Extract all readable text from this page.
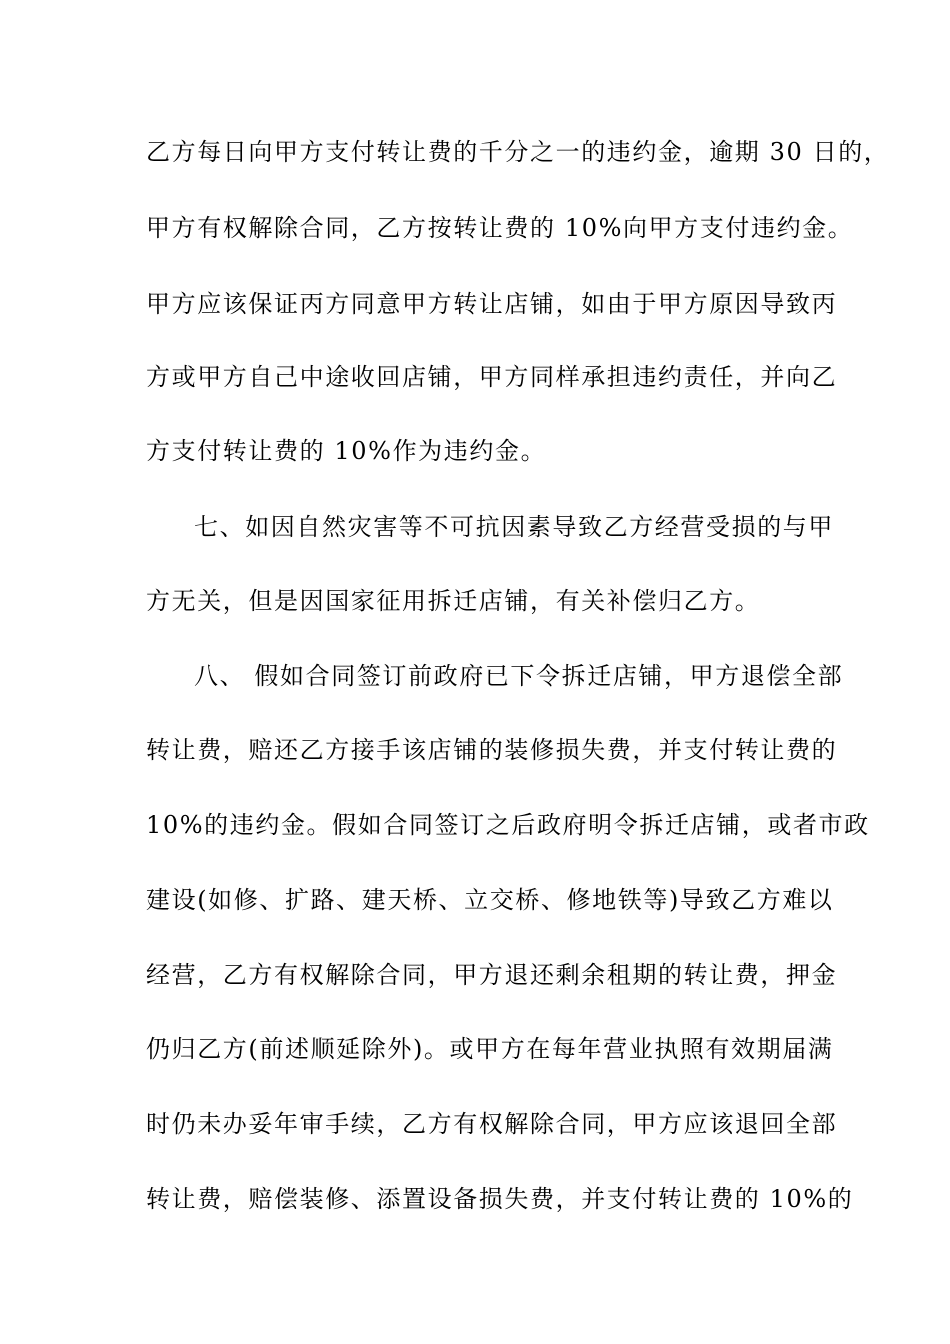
乙方每日向甲方支付转让费的千分之一的违约金，逾期 30 日的，
甲方有权解除合同，乙方按转让费的 10%向甲方支付违约金。
甲方应该保证丙方同意甲方转让店铺，如由于甲方原因导致丙
方或甲方自己中途收回店铺，甲方同样承担违约责任，并向乙
方支付转让费的 10%作为违约金。
七、如因自然灾害等不可抗因素导致乙方经营受损的与甲
方无关，但是因国家征用拆迁店铺，有关补偿归乙方。
八、 假如合同签订前政府已下令拆迁店铺，甲方退偿全部
转让费，赔还乙方接手该店铺的装修损失费，并支付转让费的
10%的违约金。假如合同签订之后政府明令拆迁店铺，或者市政
建设(如修、扩路、建天桥、立交桥、修地铁等)导致乙方难以
经营，乙方有权解除合同，甲方退还剩余租期的转让费，押金
仍归乙方(前述顺延除外)。或甲方在每年营业执照有效期届满
时仍未办妥年审手续，乙方有权解除合同，甲方应该退回全部
转让费，赔偿装修、添置设备损失费，并支付转让费的 10%的
